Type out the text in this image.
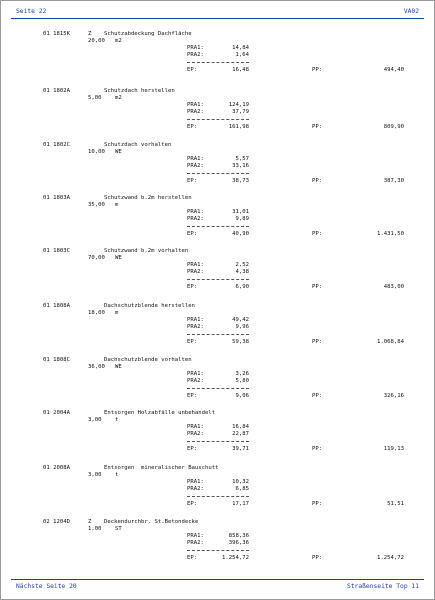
Seite 22	VA02
01 1815K	Z Schutzabdeckung Dachfläche
20,00 m2
PRA1:	14,84
PRA2:	1,64
EP:	16,48	PP:	494,40
01 1802A	Schutzdach herstellen
5,00 m2
PRA1:	124,19
PRA2:	37,79
EP:	161,98	PP:	809,90
01 1802C	Schutzdach vorhalten
10,00 WE
PRA1:	5,57
PRA2:	33,16
EP:	38,73	PP:	387,30
01 1803A	Schutzwand b.2m herstellen
35,00 m
PRA1:	31,01
PRA2:	9,89
EP:	40,90	PP:	1.431,50
01 1803C	Schutzwand b.2m vorhalten
70,00 WE
PRA1:	2,52
PRA2:	4,38
EP:	6,90	PP:	483,00
01 1808A	Dachschutzblende herstellen
18,00 m
PRA1:	49,42
PRA2:	9,96
EP:	59,38	PP:	1.068,84
01 1808C	Dachschutzblende vorhalten
36,00 WE
PRA1:	3,26
PRA2:	5,80
EP:	9,06	PP:	326,16
01 2004A	Entsorgen Holzabfälle unbehandelt
3,00 t
PRA1:	16,84
PRA2:	22,87
EP:	39,71	PP:	119,13
01 2008A	Entsorgen  mineralischer Bauschutt
3,00 t
PRA1:	10,32
PRA2:	6,85
EP:	17,17	PP:	51,51
02 1204D	Z Deckendurchbr. St.Betondecke
1,00 ST
PRA1:	858,36
PRA2:	396,36
EP:	1.254,72	PP:	1.254,72
Nächste Seite 20	Straßenseite Top 11
